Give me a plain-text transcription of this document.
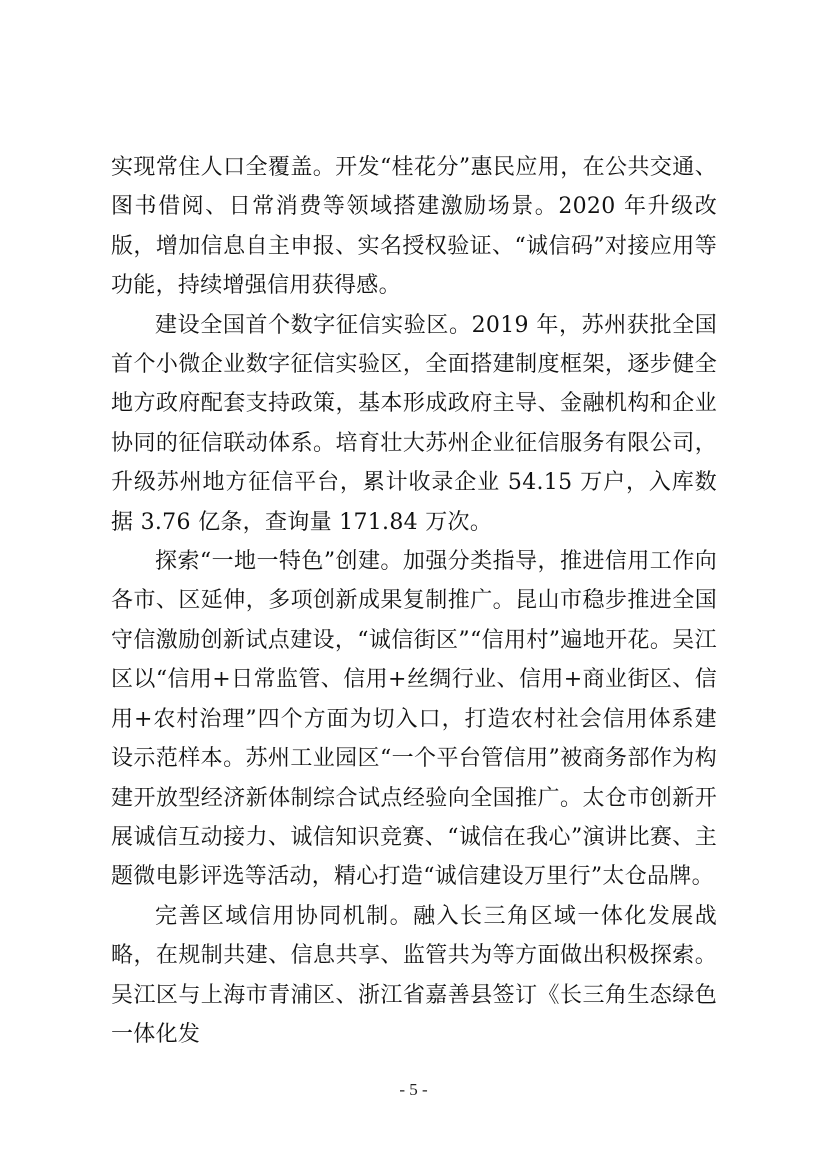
实现常住人口全覆盖。开发“桂花分”惠民应用，在公共交通、图书借阅、日常消费等领域搭建激励场景。2020 年升级改版，增加信息自主申报、实名授权验证、“诚信码”对接应用等功能，持续增强信用获得感。

建设全国首个数字征信实验区。2019 年，苏州获批全国首个小微企业数字征信实验区，全面搭建制度框架，逐步健全地方政府配套支持政策，基本形成政府主导、金融机构和企业协同的征信联动体系。培育壮大苏州企业征信服务有限公司，升级苏州地方征信平台，累计收录企业 54.15 万户，入库数据 3.76 亿条，查询量 171.84 万次。

探索“一地一特色”创建。加强分类指导，推进信用工作向各市、区延伸，多项创新成果复制推广。昆山市稳步推进全国守信激励创新试点建设，“诚信街区”“信用村”遍地开花。吴江区以“信用+日常监管、信用+丝绸行业、信用+商业街区、信用+农村治理”四个方面为切入口，打造农村社会信用体系建设示范样本。苏州工业园区“一个平台管信用”被商务部作为构建开放型经济新体制综合试点经验向全国推广。太仓市创新开展诚信互动接力、诚信知识竞赛、“诚信在我心”演讲比赛、主题微电影评选等活动，精心打造“诚信建设万里行”太仓品牌。

完善区域信用协同机制。融入长三角区域一体化发展战略，在规制共建、信息共享、监管共为等方面做出积极探索。吴江区与上海市青浦区、浙江省嘉善县签订《长三角生态绿色一体化发

- 5 -
